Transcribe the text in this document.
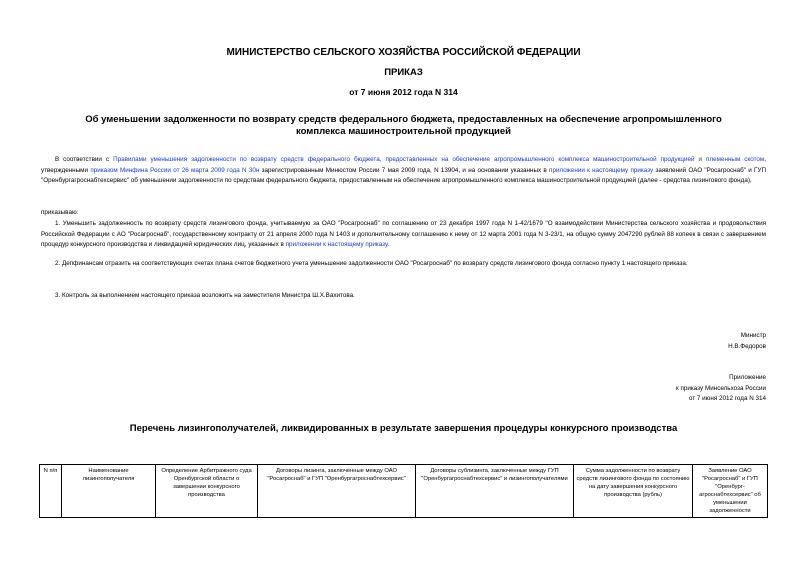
МИНИСТЕРСТВО СЕЛЬСКОГО ХОЗЯЙСТВА РОССИЙСКОЙ ФЕДЕРАЦИИ
ПРИКАЗ
от 7 июня 2012 года N 314
Об уменьшении задолженности по возврату средств федерального бюджета, предоставленных на обеспечение агропромышленного комплекса машиностроительной продукцией
В соответствии с Правилами уменьшения задолженности по возврату средств федерального бюджета, предоставленных на обеспечение агропромышленного комплекса машиностроительной продукцией и племенным скотом, утвержденными приказом Минфина России от 26 марта 2009 года N 30н зарегистрированным Минюстом России 7 мая 2009 года, N 13904, и на основании указанных в приложении к настоящему приказу заявлений ОАО "Росагроснаб" и ГУП "Оренбургагроснабтехсервис" об уменьшении задолженности по средствам федерального бюджета, предоставленным на обеспечение агропромышленного комплекса машиностроительной продукцией (далее - средства лизингового фонда),
приказываю:
1. Уменьшить задолженность по возврату средств лизингового фонда, учитываемую за ОАО "Росагроснаб" по соглашению от 23 декабря 1997 года N 1-42/1679 "О взаимодействии Министерства сельского хозяйства и продовольствия Российской Федерации с АО "Росагроснаб", государственному контракту от 21 апреля 2000 года N 1403 и дополнительному соглашению к нему от 12 марта 2001 года N 3-23/1, на общую сумму 2047290 рублей 88 копеек в связи с завершением процедур конкурсного производства и ликвидацией юридических лиц, указанных в приложении к настоящему приказу.
2. Депфинансам отразить на соответствующих счетах плана счетов бюджетного учета уменьшение задолженности ОАО "Росагроснаб" по возврату средств лизингового фонда согласно пункту 1 настоящего приказа.
3. Контроль за выполнением настоящего приказа возложить на заместителя Министра Ш.Х.Вахитова.
Министр
Н.В.Федоров
Приложение
к приказу Минсельхоза России
от 7 июня 2012 года N 314
Перечень лизингополучателей, ликвидированных в результате завершения процедуры конкурсного производства
N п/п	Наименование лизингополучателя	Определение Арбитражного суда Оренбургской области о завершении конкурсного производства	Договоры лизинга, заключенные между ОАО "Росагроснаб" и ГУП "Оренбургагроснабтехсервис"	Договоры сублизинга, заключенные между ГУП "Оренбургагроснабтехсервис" и лизингополучателями	Сумма задолженности по возврату средств лизингового фонда по состоянию на дату завершения конкурсного производства (рубль)	Заявление ОАО "Росагроснаб" и ГУП "Оренбург-агроснабтехсервис" об уменьшении задолженности
